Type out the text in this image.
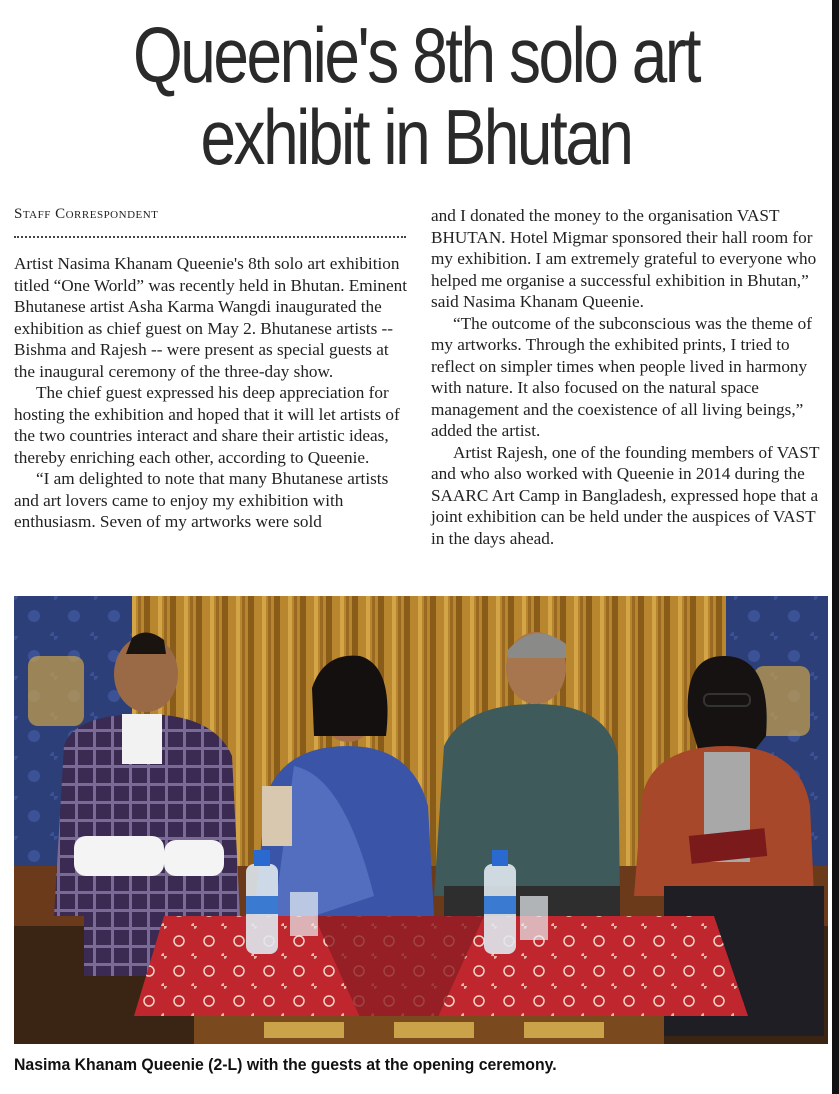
Queenie's 8th solo art
exhibit in Bhutan
Staff Correspondent

Artist Nasima Khanam Queenie's 8th solo art exhibition titled “One World” was recently held in Bhutan. Eminent Bhutanese artist Asha Karma Wangdi inaugurated the exhibition as chief guest on May 2. Bhutanese artists -- Bishma and Rajesh -- were present as special guests at the inaugural ceremony of the three-day show.

The chief guest expressed his deep appreciation for hosting the exhibition and hoped that it will let artists of the two countries interact and share their artistic ideas, thereby enriching each other, according to Queenie.

“I am delighted to note that many Bhutanese artists and art lovers came to enjoy my exhibition with enthusiasm. Seven of my artworks were sold

and I donated the money to the organisation VAST BHUTAN. Hotel Migmar sponsored their hall room for my exhibition. I am extremely grateful to everyone who helped me organise a successful exhibition in Bhutan,” said Nasima Khanam Queenie.

“The outcome of the subconscious was the theme of my artworks. Through the exhibited prints, I tried to reflect on simpler times when people lived in harmony with nature. It also focused on the natural space management and the coexistence of all living beings,” added the artist.

Artist Rajesh, one of the founding members of VAST and who also worked with Queenie in 2014 during the SAARC Art Camp in Bangladesh, expressed hope that a joint exhibition can be held under the auspices of VAST in the days ahead.

Nasima Khanam Queenie (2-L) with the guests at the opening ceremony.
